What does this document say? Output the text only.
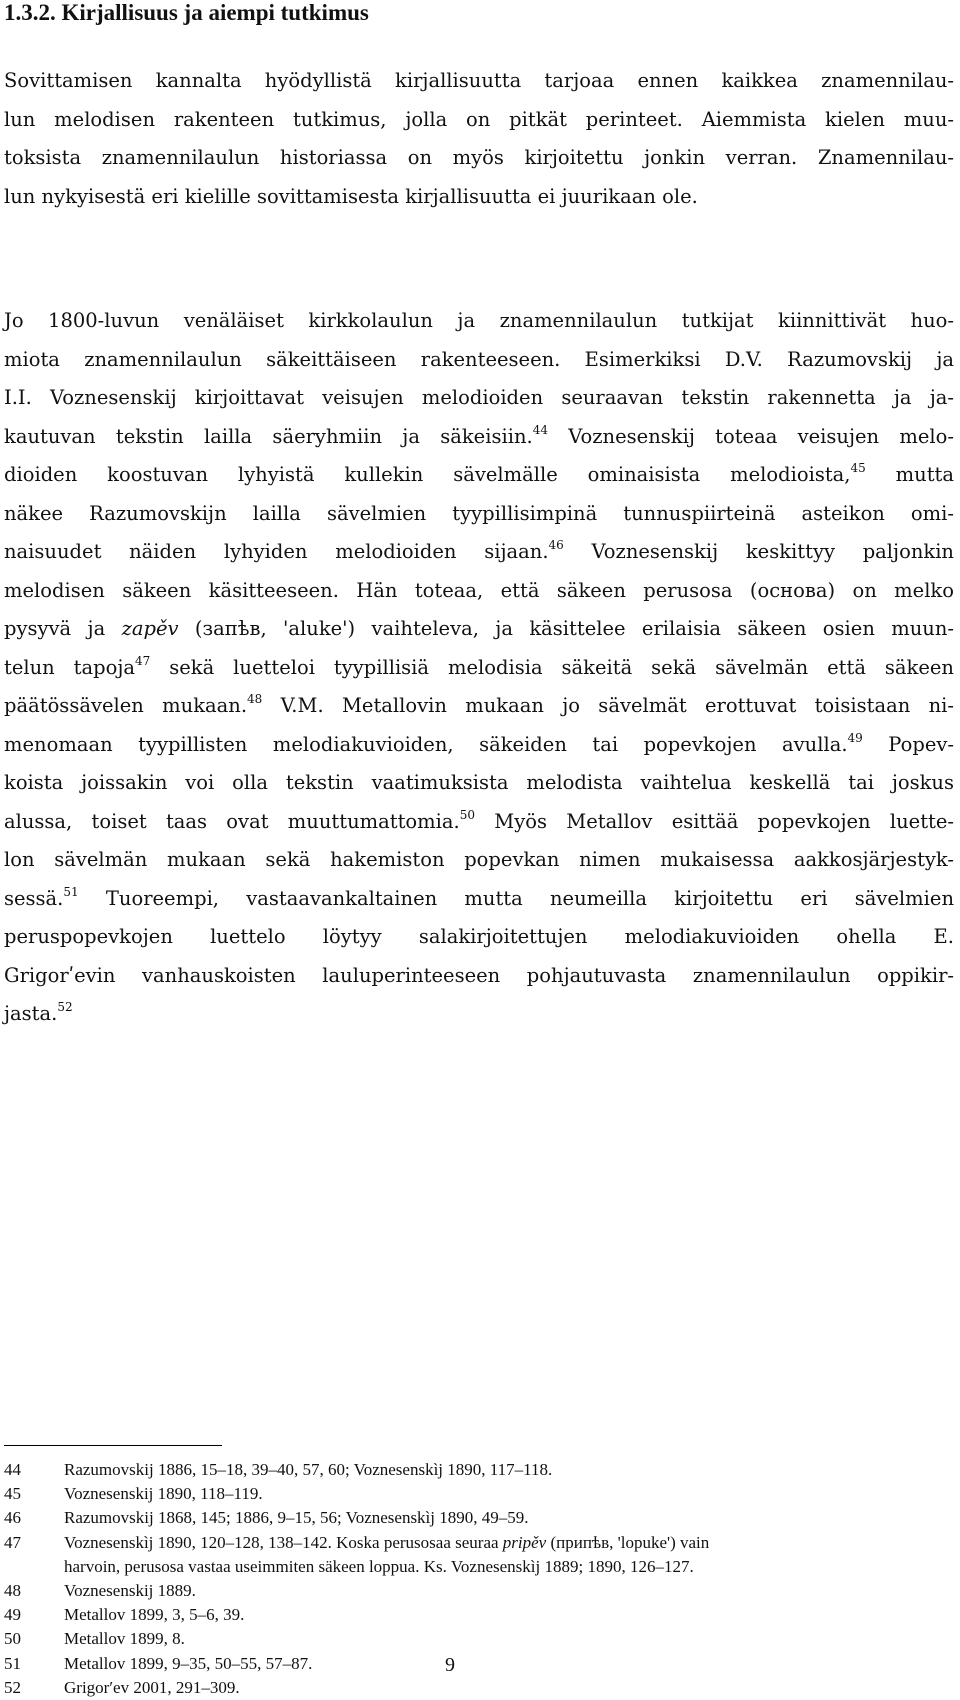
1.3.2. Kirjallisuus ja aiempi tutkimus
Sovittamisen kannalta hyödyllistä kirjallisuutta tarjoaa ennen kaikkea znamennilau-
lun melodisen rakenteen tutkimus, jolla on pitkät perinteet. Aiemmista kielen muu-
toksista znamennilaulun historiassa on myös kirjoitettu jonkin verran. Znamennilau-
lun nykyisestä eri kielille sovittamisesta kirjallisuutta ei juurikaan ole.
Jo 1800-luvun venäläiset kirkkolaulun ja znamennilaulun tutkijat kiinnittivät huo-
miota znamennilaulun säkeittäiseen rakenteeseen. Esimerkiksi D.V. Razumovskij ja
I.I. Voznesenskij kirjoittavat veisujen melodioiden seuraavan tekstin rakennetta ja ja-
kautuvan tekstin lailla säeryhmiin ja säkeisiin.$^{44}$ Voznesenskij toteaa veisujen melo-
dioiden koostuvan lyhyistä kullekin sävelmälle ominaisista melodioista,$^{45}$ mutta
näkee Razumovskijn lailla sävelmien tyypillisimpinä tunnuspiirteinä asteikon omi-
naisuudet näiden lyhyiden melodioiden sijaan.$^{46}$ Voznesenskij keskittyy paljonkin
melodisen säkeen käsitteeseen. Hän toteaa, että säkeen perusosa (основа) on melko
pysyvä ja zapěv (запѣв, 'aluke') vaihteleva, ja käsittelee erilaisia säkeen osien muun-
telun tapoja$^{47}$ sekä luetteloi tyypillisiä melodisia säkeitä sekä sävelmän että säkeen
päätössävelen mukaan.$^{48}$ V.M. Metallovin mukaan jo sävelmät erottuvat toisistaan ni-
menomaan tyypillisten melodiakuvioiden, säkeiden tai popevkojen avulla.$^{49}$ Popev-
koista joissakin voi olla tekstin vaatimuksista melodista vaihtelua keskellä tai joskus
alussa, toiset taas ovat muuttumattomia.$^{50}$ Myös Metallov esittää popevkojen luette-
lon sävelmän mukaan sekä hakemiston popevkan nimen mukaisessa aakkosjärjestyk-
sessä.$^{51}$ Tuoreempi, vastaavankaltainen mutta neumeilla kirjoitettu eri sävelmien
peruspopevkojen luettelo löytyy salakirjoitettujen melodiakuvioiden ohella E.
Grigorʹevin vanhauskoisten lauluperinteeseen pohjautuvasta znamennilaulun oppikir-
jasta.$^{52}$
44	Razumovskij 1886, 15–18, 39–40, 57, 60; Voznesenskìj 1890, 117–118.
45	Voznesenskij 1890, 118–119.
46	Razumovskij 1868, 145; 1886, 9–15, 56; Voznesenskìj 1890, 49–59.
47	Voznesenskìj 1890, 120–128, 138–142. Koska perusosaa seuraa pripěv (припѣв, 'lopuke') vain
harvoin, perusosa vastaa useimmiten säkeen loppua. Ks. Voznesenskìj 1889; 1890, 126–127.
48	Voznesenskij 1889.
49	Metallov 1899, 3, 5–6, 39.
50	Metallov 1899, 8.
51	Metallov 1899, 9–35, 50–55, 57–87.
52	Grigorʹev 2001, 291–309.
9
